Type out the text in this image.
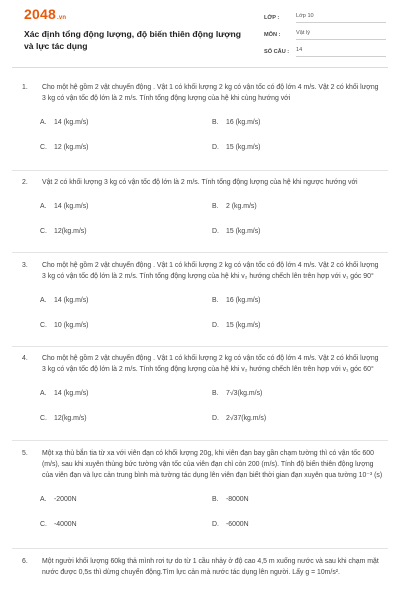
2048.vn
Xác định tổng động lượng, độ biến thiên động lượng và lực tác dụng
LỚP :	Lớp 10
MÔN :	Vật lý
SỐ CÂU :	14
1.	Cho một hệ gồm 2 vật chuyển động . Vật 1 có khối lượng 2 kg có vận tốc có độ lớn 4 m/s. Vật 2 có khối lượng 3 kg có vận tốc độ lớn là 2 m/s. Tính tổng động lượng của hệ khi cùng hướng với
A.	14 (kg.m/s)	B.	16 (kg.m/s)
C.	12 (kg.m/s)	D.	15 (kg.m/s)
2.	Vật 2 có khối lượng 3 kg có vận tốc độ lớn là 2 m/s. Tính tổng động lượng của hệ khi ngược hướng với
A.	14 (kg.m/s)	B.	2 (kg.m/s)
C.	12(kg.m/s)	D.	15 (kg.m/s)
3.	Cho một hệ gồm 2 vật chuyển động . Vật 1 có khối lượng 2 kg có vận tốc có độ lớn 4 m/s. Vật 2 có khối lượng 3 kg có vận tốc độ lớn là 2 m/s. Tính tổng động lượng của hệ khi v₂ hướng chếch lên trên hợp với v₁ góc 90°
A.	14 (kg.m/s)	B.	16 (kg.m/s)
C.	10 (kg.m/s)	D.	15 (kg.m/s)
4.	Cho một hệ gồm 2 vật chuyển động . Vật 1 có khối lượng 2 kg có vận tốc có độ lớn 4 m/s. Vật 2 có khối lượng 3 kg có vận tốc độ lớn là 2 m/s. Tính tổng động lượng của hệ khi v₂ hướng chếch lên trên hợp với v₁ góc 60°
A.	14 (kg.m/s)	B.	7√3(kg.m/s)
C.	12(kg.m/s)	D.	2√37(kg.m/s)
5.	Một xạ thủ bắn tia từ xa với viên đạn có khối lượng 20g, khi viên đạn bay gần chạm tường thì có vận tốc 600 (m/s), sau khi xuyên thủng bức tường vận tốc của viên đạn chỉ còn 200 (m/s). Tính độ biến thiên động lượng của viên đạn và lực cản trung bình mà tường tác dụng lên viên đạn biết thời gian đạn xuyên qua tường 10⁻³ (s)
A.	-2000N	B.	-8000N
C.	-4000N	D.	-6000N
6.	Một người khối lượng 60kg thả mình rơi tự do từ 1 cầu nhảy ở độ cao 4,5 m xuống nước và sau khi chạm mặt nước được 0,5s thì dừng chuyển động.Tìm lực cản mà nước tác dụng lên người. Lấy g = 10m/s².
